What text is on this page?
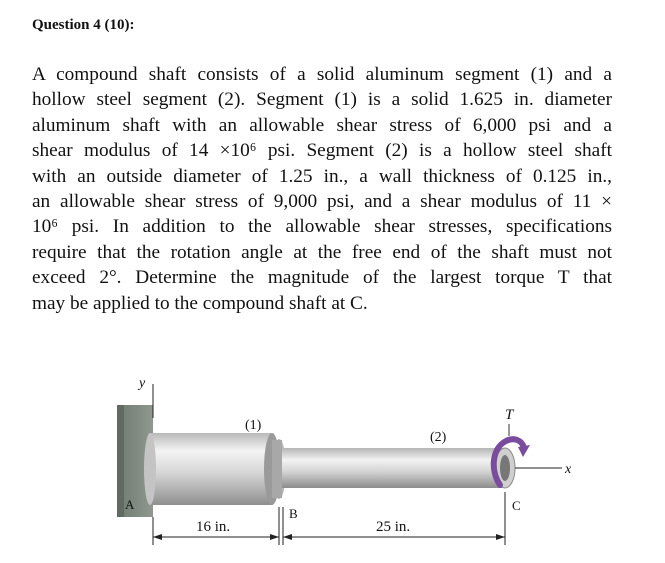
Question 4 (10):
A compound shaft consists of a solid aluminum segment (1) and a
hollow steel segment (2). Segment (1) is a solid 1.625 in. diameter
aluminum shaft with an allowable shear stress of 6,000 psi and a
shear modulus of 14 ×10⁶ psi. Segment (2) is a hollow steel shaft
with an outside diameter of 1.25 in., a wall thickness of 0.125 in.,
an allowable shear stress of 9,000 psi, and a shear modulus of 11 ×
10⁶ psi. In addition to the allowable shear stresses, specifications
require that the rotation angle at the free end of the shaft must not
exceed 2°. Determine the magnitude of the largest torque T that
may be applied to the compound shaft at C.
y
T
x
(1)
(2)
A
B
C
16 in.	25 in.
